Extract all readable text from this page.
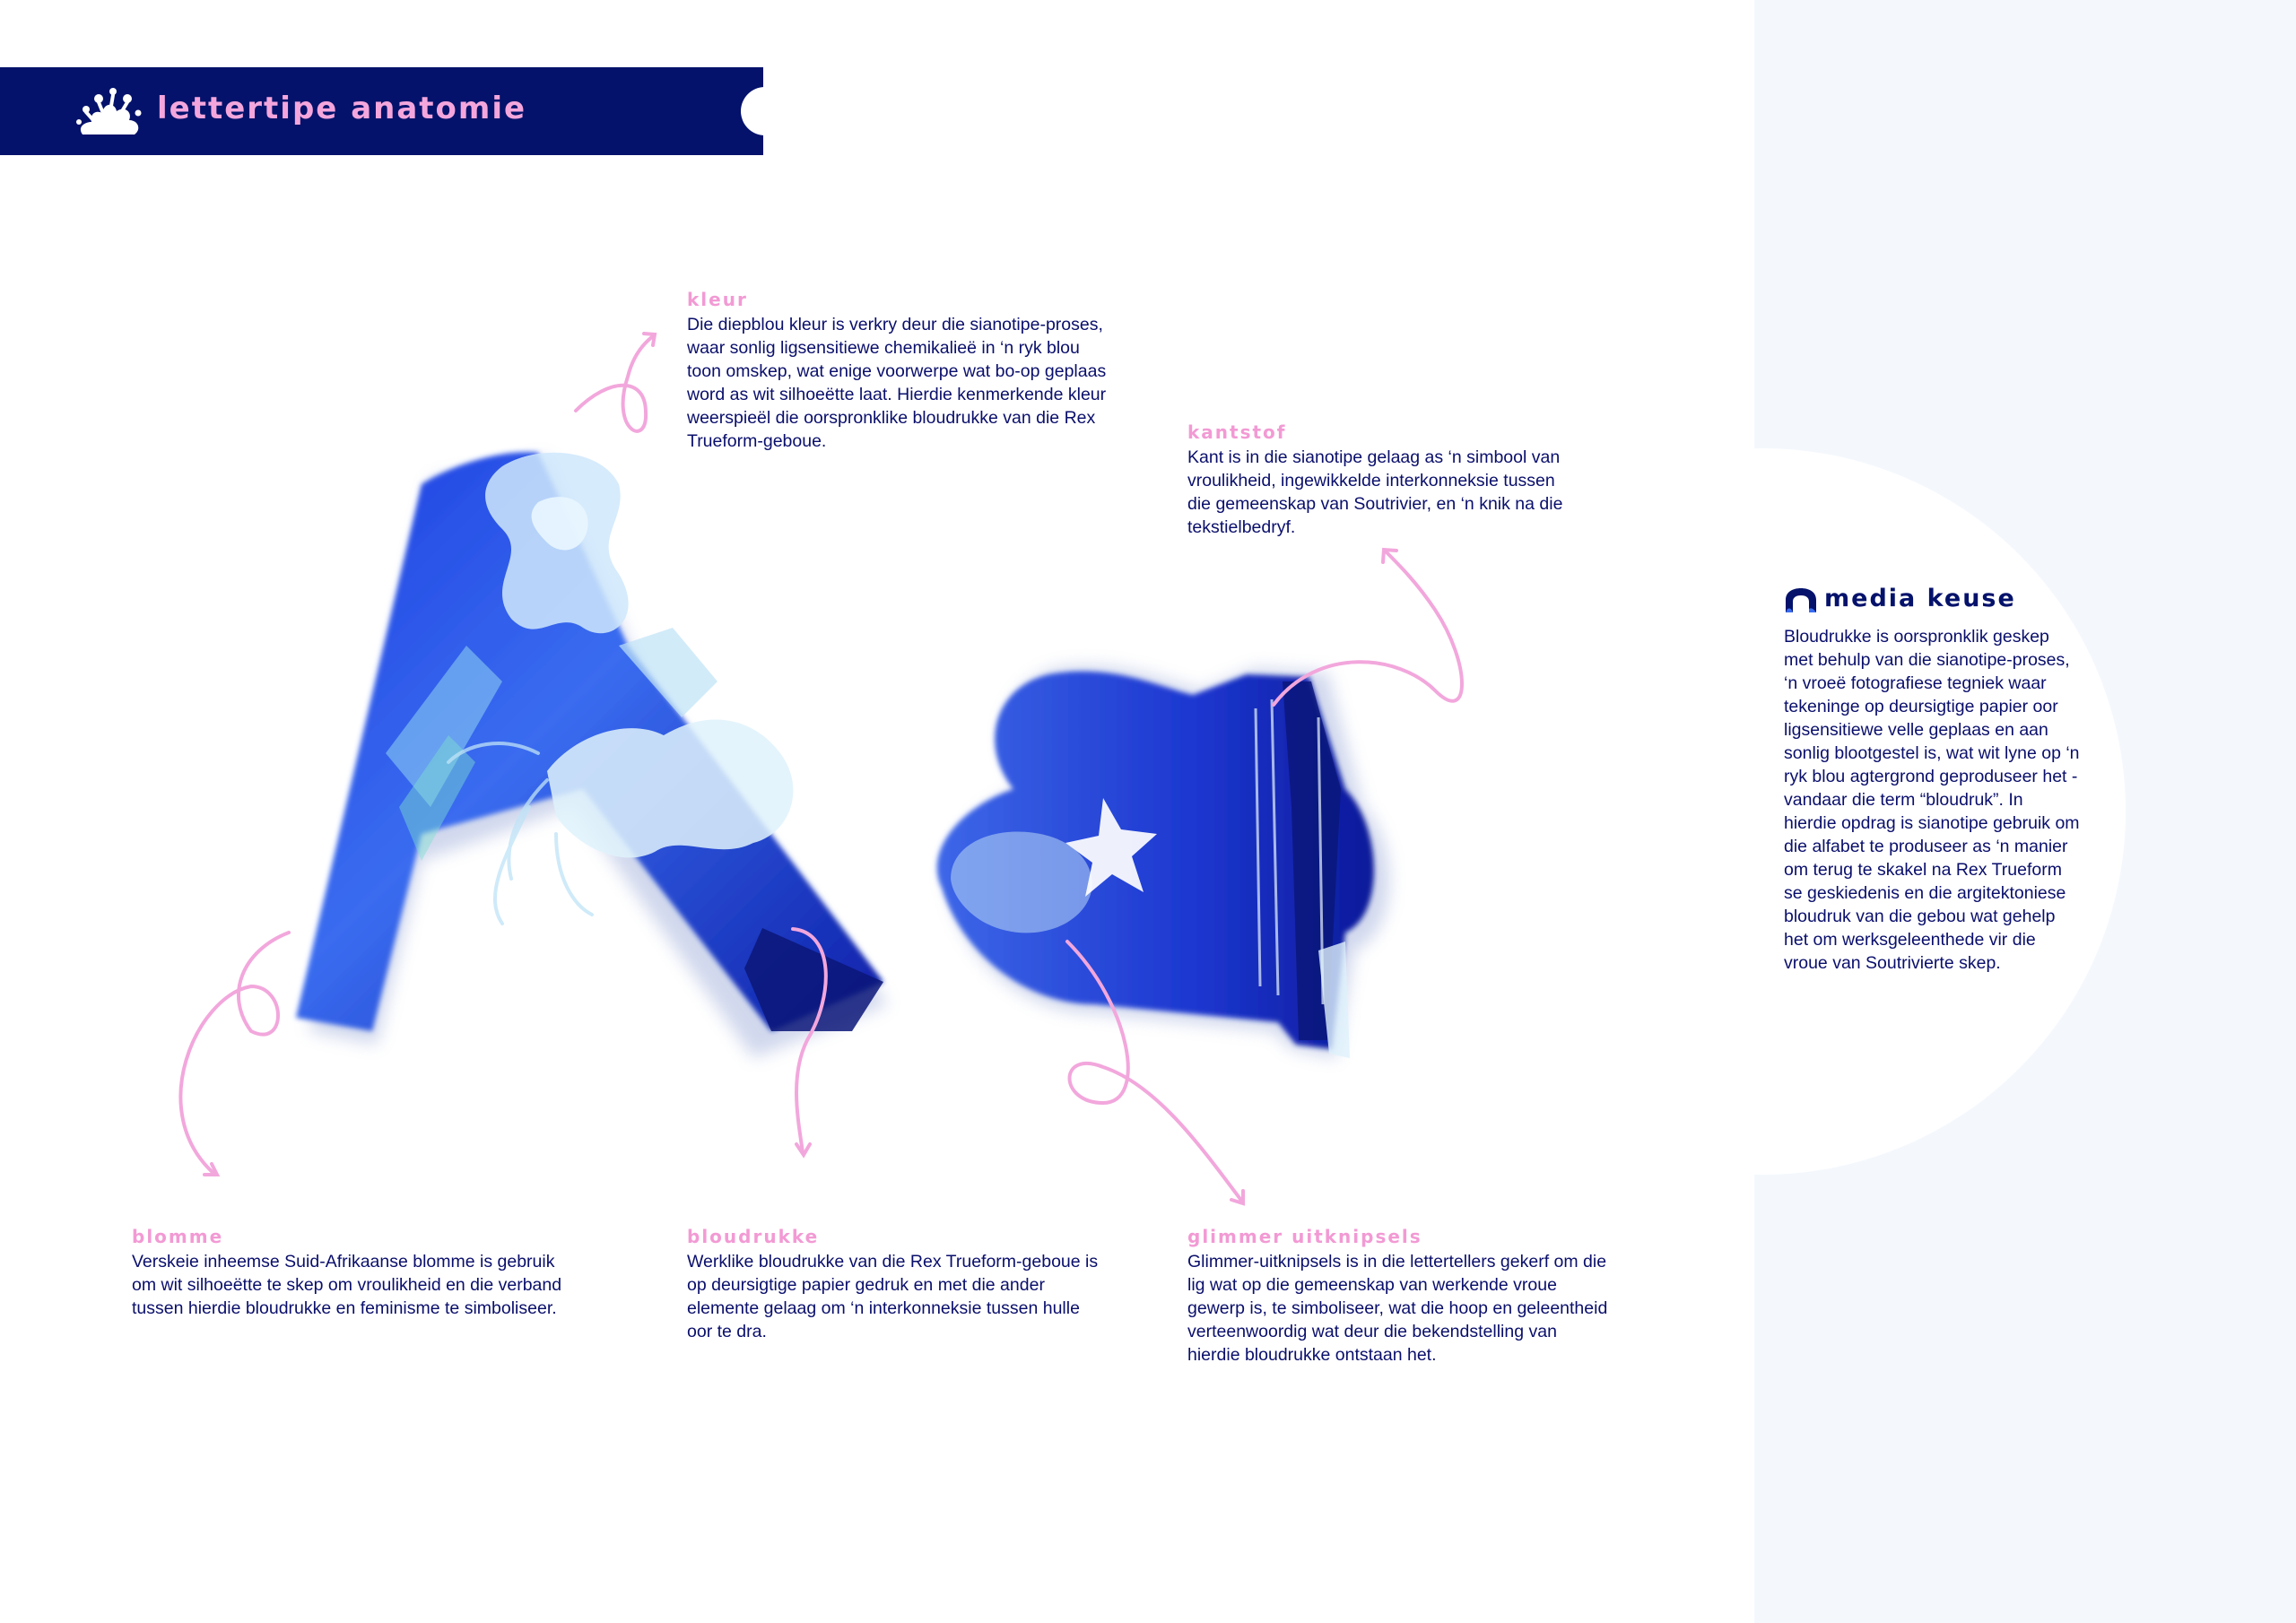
lettertipe anatomie
kleur

Die diepblou kleur is verkry deur die sianotipe-proses, waar sonlig ligsensitiewe chemikalieë in ‘n ryk blou toon omskep, wat enige voorwerpe wat bo-op geplaas word as wit silhoeëtte laat. Hierdie kenmerkende kleur weerspieël die oorspronklike bloudrukke van die Rex Trueform-geboue.	kantstof

Kant is in die sianotipe gelaag as ‘n simbool van vroulikheid, ingewikkelde interkonneksie tussen die gemeenskap van Soutrivier, en ‘n knik na die tekstielbedryf.

blomme

Verskeie inheemse Suid-Afrikaanse blomme is gebruik om wit silhoeëtte te skep om vroulikheid en die verband tussen hierdie bloudrukke en feminisme te simboliseer.

bloudrukke

Werklike bloudrukke van die Rex Trueform-geboue is op deursigtige papier gedruk en met die ander elemente gelaag om ‘n interkonneksie tussen hulle oor te dra.

glimmer uitknipsels

Glimmer-uitknipsels is in die lettertellers gekerf om die lig wat op die gemeenskap van werkende vroue gewerp is, te simboliseer, wat die hoop en geleentheid verteenwoordig wat deur die bekendstelling van hierdie bloudrukke ontstaan het.

media keuse

Bloudrukke is oorspronklik geskep met behulp van die sianotipe-proses, ‘n vroeë fotografiese tegniek waar tekeninge op deursigtige papier oor ligsensitiewe velle geplaas en aan sonlig blootgestel is, wat wit lyne op ‘n ryk blou agtergrond geproduseer het - vandaar die term “bloudruk”. In hierdie opdrag is sianotipe gebruik om die alfabet te produseer as ‘n manier om terug te skakel na Rex Trueform se geskiedenis en die argitektoniese bloudruk van die gebou wat gehelp het om werksgeleenthede vir die vroue van Soutrivierte skep.
